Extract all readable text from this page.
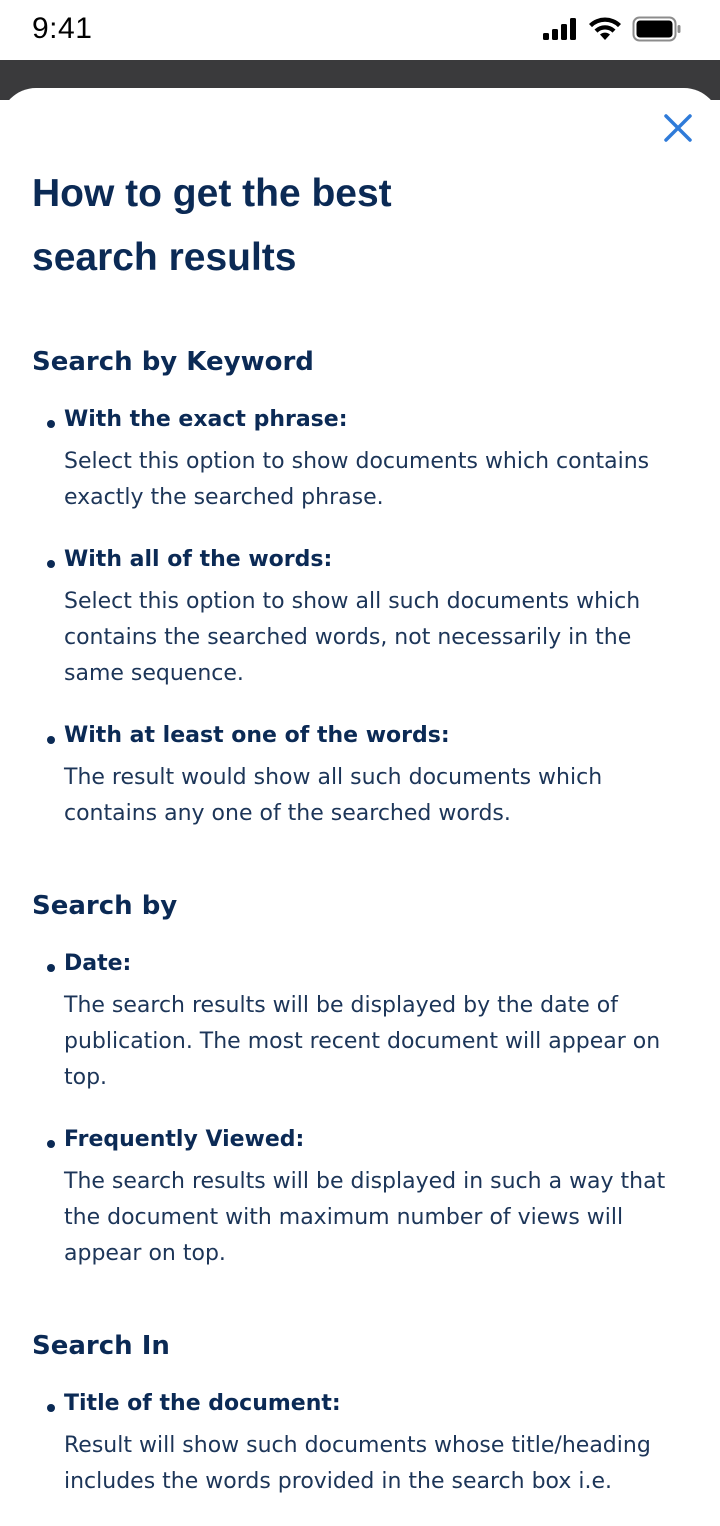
9:41
How to get the best search results
Search by Keyword
With the exact phrase:
Select this option to show documents which contains exactly the searched phrase.
With all of the words:
Select this option to show all such documents which contains the searched words, not necessarily in the same sequence.
With at least one of the words:
The result would show all such documents which contains any one of the searched words.
Search by
Date:
The search results will be displayed by the date of publication. The most recent document will appear on top.
Frequently Viewed:
The search results will be displayed in such a way that the document with maximum number of views will appear on top.
Search In
Title of the document:
Result will show such documents whose title/heading includes the words provided in the search box i.e.
